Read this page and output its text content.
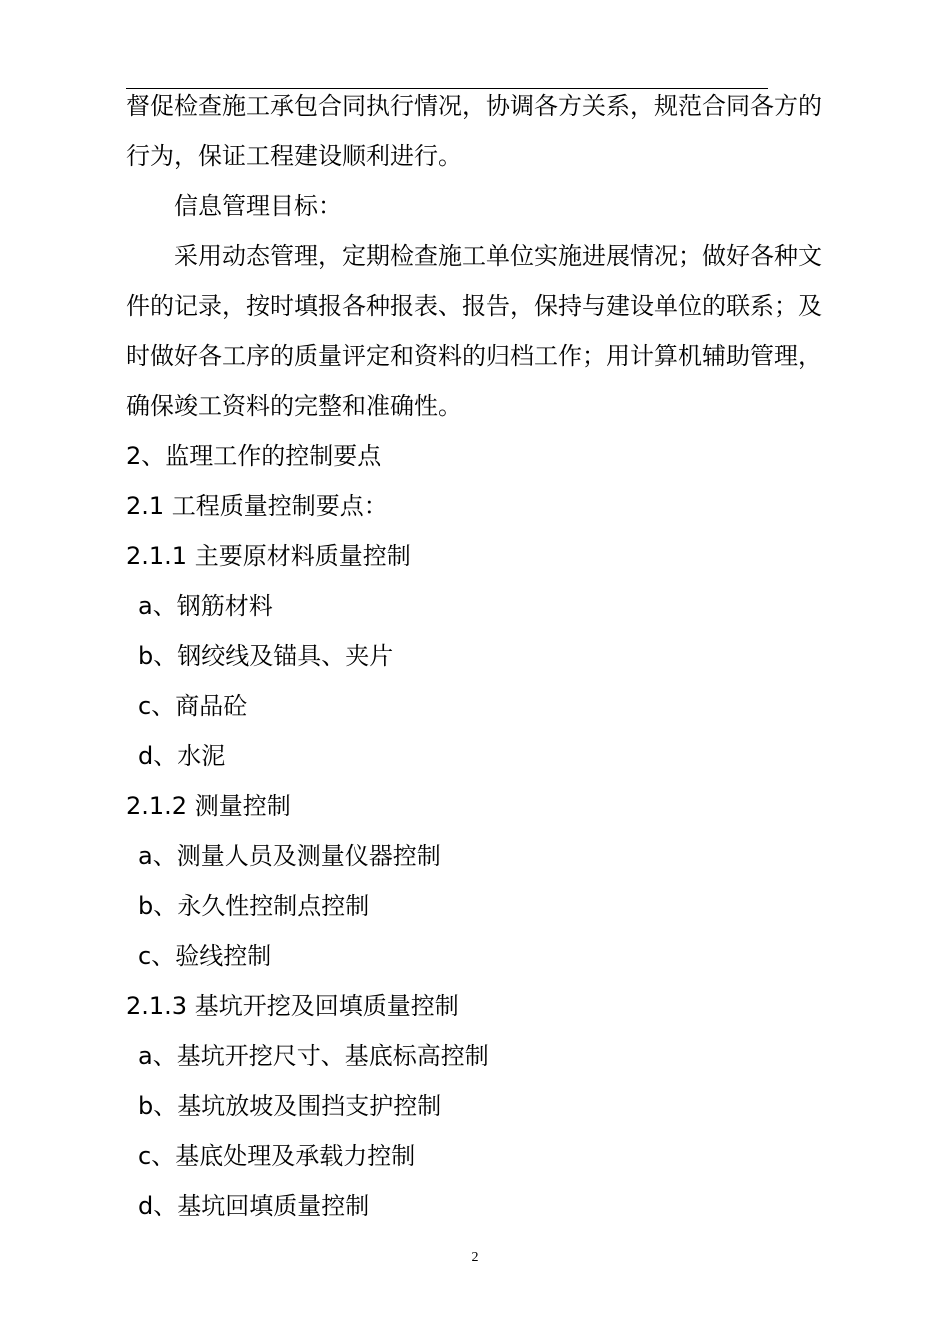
督促检查施工承包合同执行情况，协调各方关系，规范合同各方的
行为，保证工程建设顺利进行。
信息管理目标：
采用动态管理，定期检查施工单位实施进展情况；做好各种文
件的记录，按时填报各种报表、报告，保持与建设单位的联系；及
时做好各工序的质量评定和资料的归档工作；用计算机辅助管理，
确保竣工资料的完整和准确性。
2、监理工作的控制要点
2.1 工程质量控制要点：
2.1.1 主要原材料质量控制
a、钢筋材料
b、钢绞线及锚具、夹片
c、商品砼
d、水泥
2.1.2 测量控制
a、测量人员及测量仪器控制
b、永久性控制点控制
c、验线控制
2.1.3 基坑开挖及回填质量控制
a、基坑开挖尺寸、基底标高控制
b、基坑放坡及围挡支护控制
c、基底处理及承载力控制
d、基坑回填质量控制
2
